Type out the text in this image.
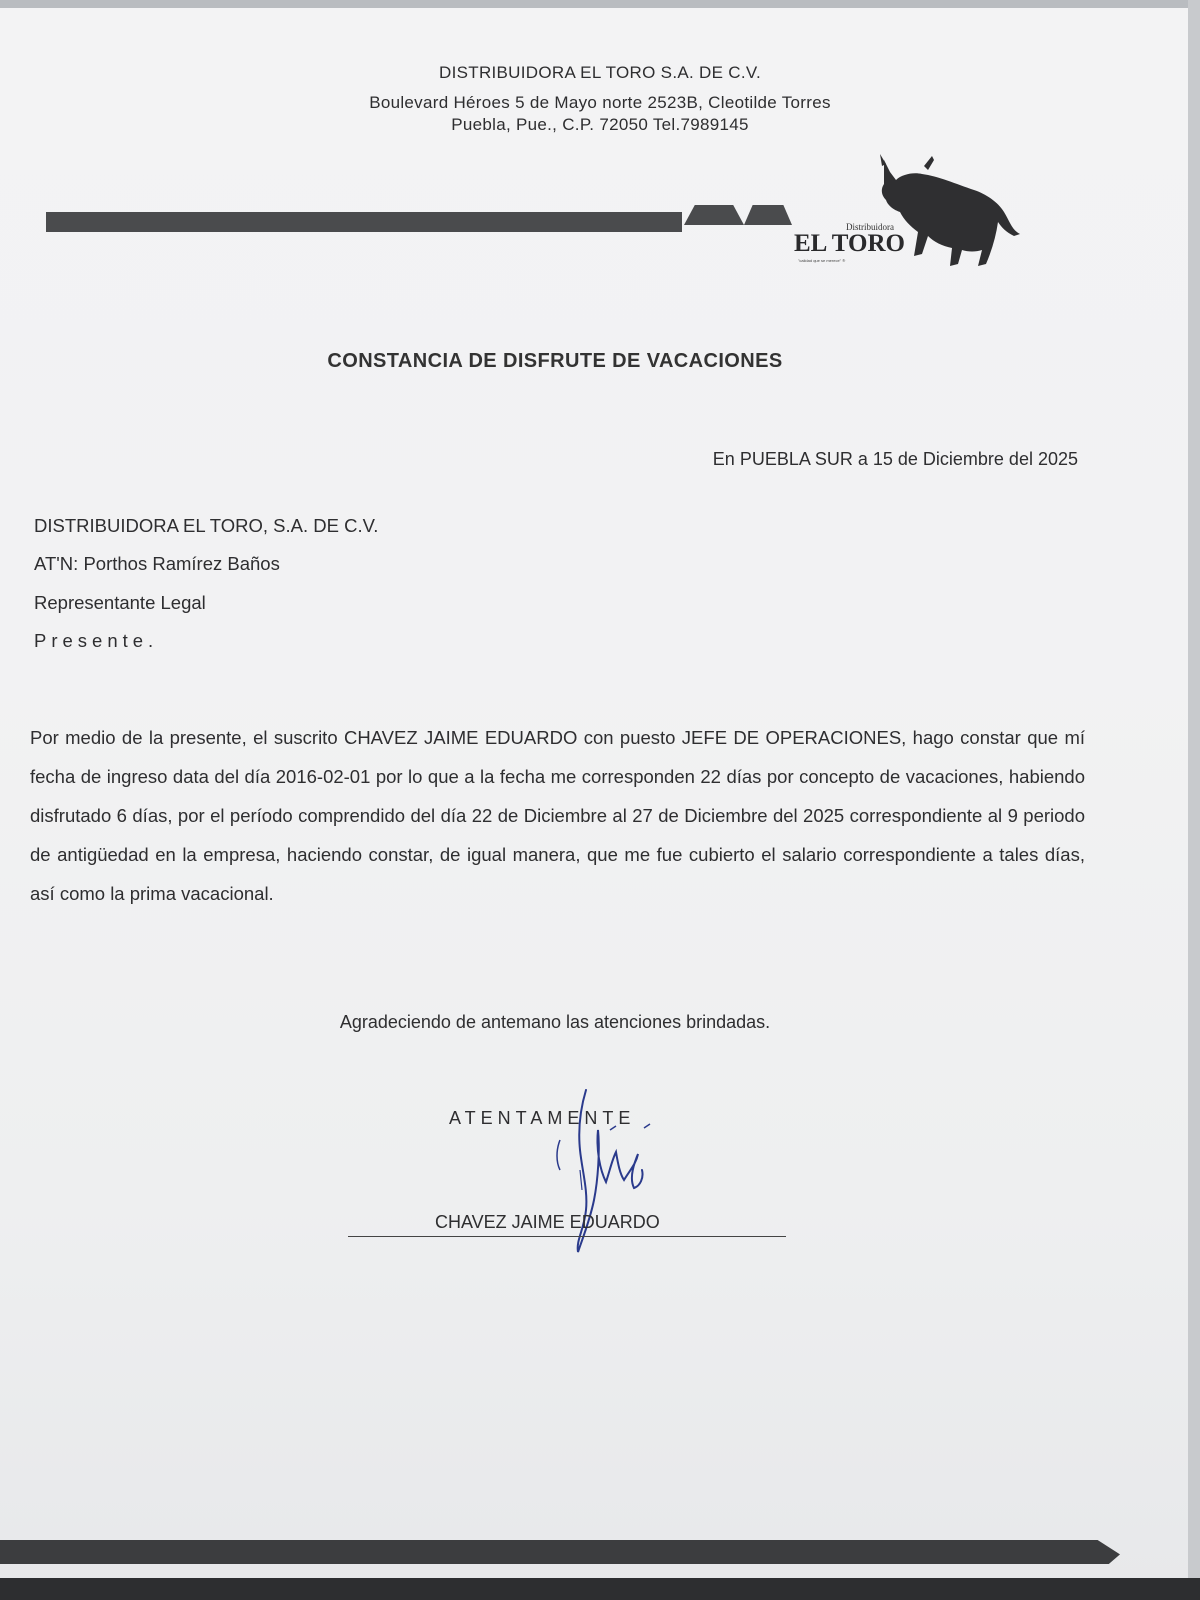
DISTRIBUIDORA EL TORO S.A. DE C.V.
Boulevard Héroes 5 de Mayo norte 2523B, Cleotilde Torres
Puebla, Pue., C.P. 72050 Tel.7989145
Distribuidora
EL TORO
"calidad que se merece" ®
CONSTANCIA DE DISFRUTE DE VACACIONES
En PUEBLA SUR a 15 de Diciembre del 2025
DISTRIBUIDORA EL TORO, S.A. DE C.V.
AT'N: Porthos Ramírez Baños
Representante Legal
Presente.
Por medio de la presente, el suscrito CHAVEZ JAIME EDUARDO con puesto JEFE DE OPERACIONES, hago constar que mí fecha de ingreso data del día 2016-02-01 por lo que a la fecha me corresponden 22 días por concepto de vacaciones, habiendo disfrutado 6 días, por el período comprendido del día 22 de Diciembre al 27 de Diciembre del 2025 correspondiente al 9 periodo de antigüedad en la empresa, haciendo constar, de igual manera, que me fue cubierto el salario correspondiente a tales días, así como la prima vacacional.
Agradeciendo de antemano las atenciones brindadas.
ATENTAMENTE
CHAVEZ JAIME EDUARDO
